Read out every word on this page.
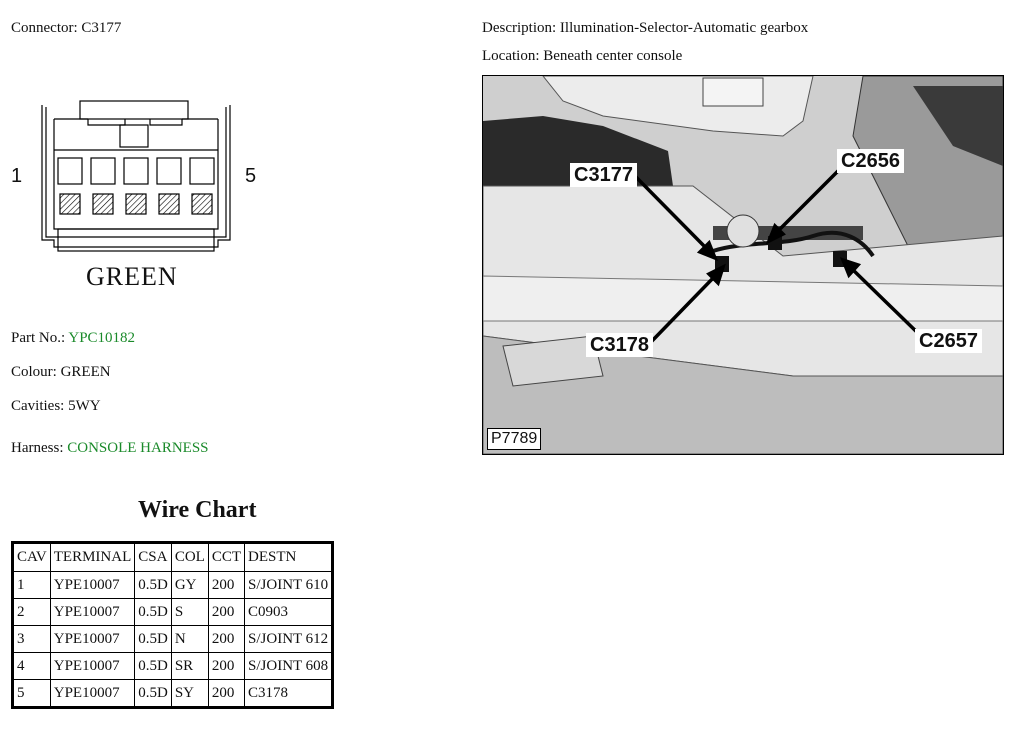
Connector: C3177	Description: Illumination-Selector-Automatic gearbox
Location: Beneath center console
1	5
GREEN
Part No.: YPC10182
Colour: GREEN
Cavities: 5WY
Harness: CONSOLE HARNESS
Wire Chart
CAV	TERMINAL	CSA	COL	CCT	DESTN
1	YPE10007	0.5D	GY	200	S/JOINT 610
2	YPE10007	0.5D	S	200	C0903
3	YPE10007	0.5D	N	200	S/JOINT 612
4	YPE10007	0.5D	SR	200	S/JOINT 608
5	YPE10007	0.5D	SY	200	C3178
C3177
C2656
C3178	C2657
P7789
